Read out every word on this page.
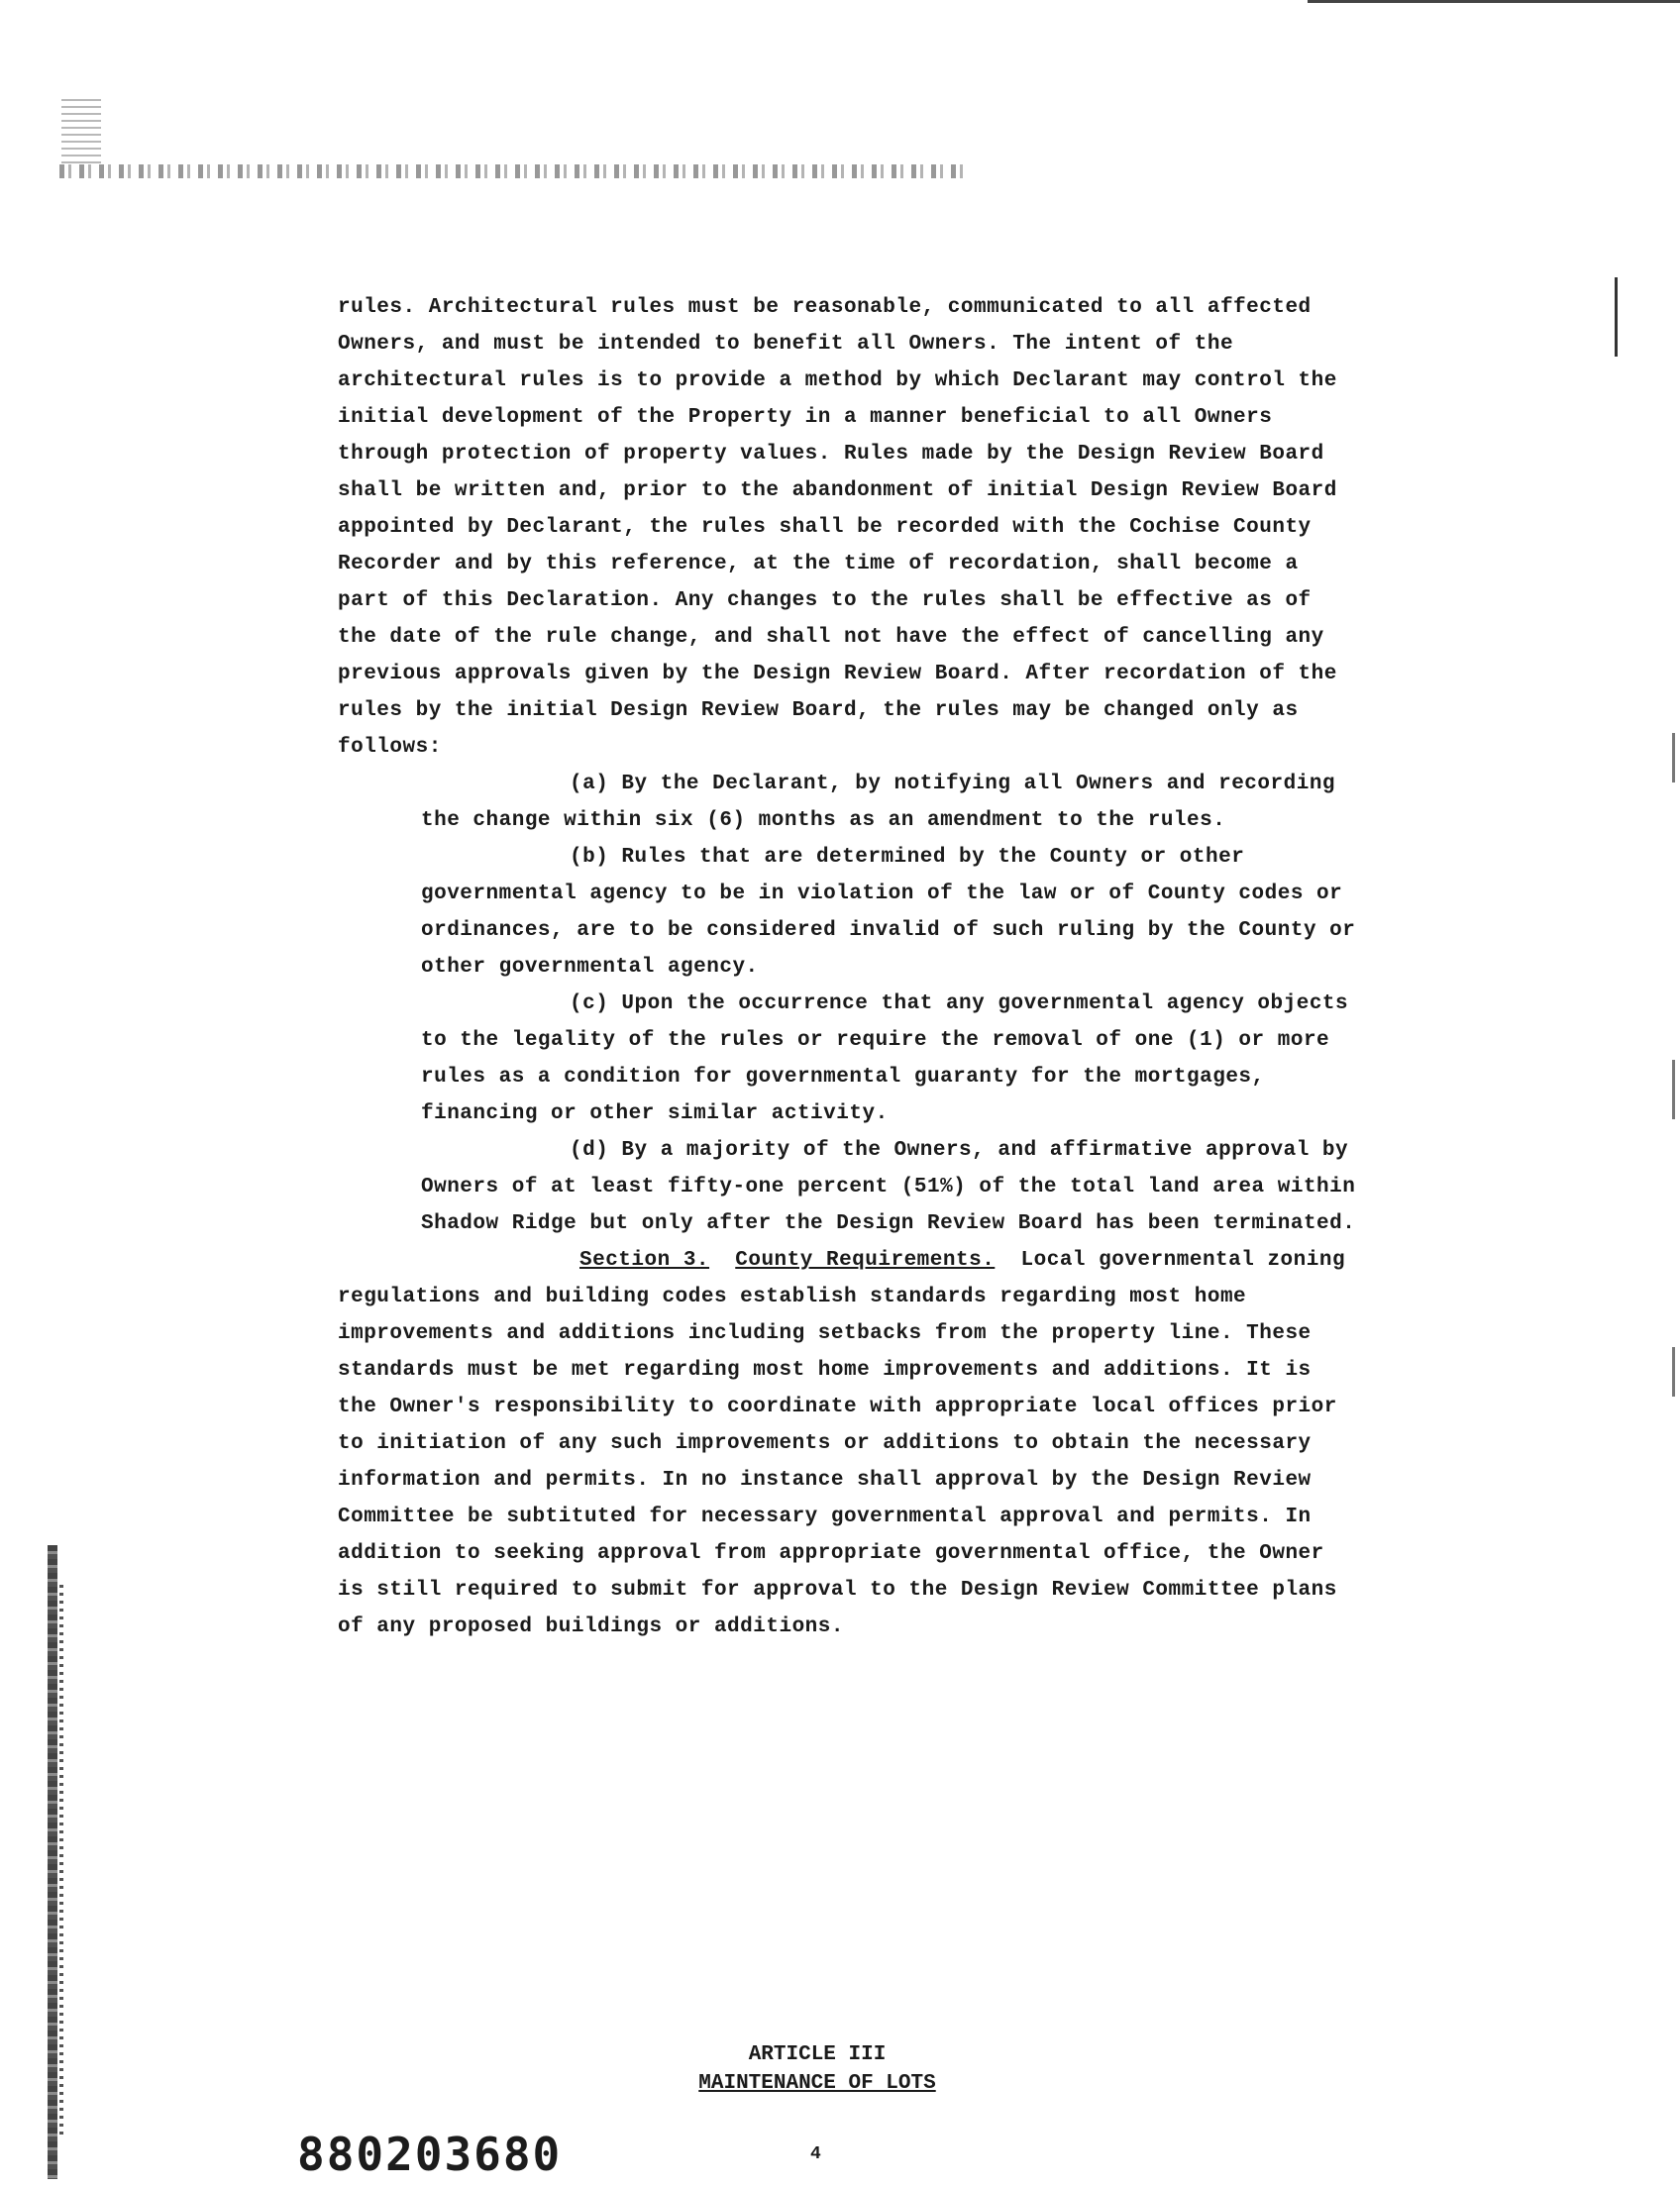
rules. Architectural rules must be reasonable, communicated to all affected Owners, and must be intended to benefit all Owners. The intent of the architectural rules is to provide a method by which Declarant may control the initial development of the Property in a manner beneficial to all Owners through protection of property values. Rules made by the Design Review Board shall be written and, prior to the abandonment of initial Design Review Board appointed by Declarant, the rules shall be recorded with the Cochise County Recorder and by this reference, at the time of recordation, shall become a part of this Declaration. Any changes to the rules shall be effective as of the date of the rule change, and shall not have the effect of cancelling any previous approvals given by the Design Review Board. After recordation of the rules by the initial Design Review Board, the rules may be changed only as follows:

(a) By the Declarant, by notifying all Owners and recording the change within six (6) months as an amendment to the rules.

(b) Rules that are determined by the County or other governmental agency to be in violation of the law or of County codes or ordinances, are to be considered invalid of such ruling by the County or other governmental agency.

(c) Upon the occurrence that any governmental agency objects to the legality of the rules or require the removal of one (1) or more rules as a condition for governmental guaranty for the mortgages, financing or other similar activity.

(d) By a majority of the Owners, and affirmative approval by Owners of at least fifty-one percent (51%) of the total land area within Shadow Ridge but only after the Design Review Board has been terminated.

Section 3. County Requirements. Local governmental zoning regulations and building codes establish standards regarding most home improvements and additions including setbacks from the property line. These standards must be met regarding most home improvements and additions. It is the Owner's responsibility to coordinate with appropriate local offices prior to initiation of any such improvements or additions to obtain the necessary information and permits. In no instance shall approval by the Design Review Committee be subtituted for necessary governmental approval and permits. In addition to seeking approval from appropriate governmental office, the Owner is still required to submit for approval to the Design Review Committee plans of any proposed buildings or additions.

ARTICLE III
MAINTENANCE OF LOTS
880203680	4
